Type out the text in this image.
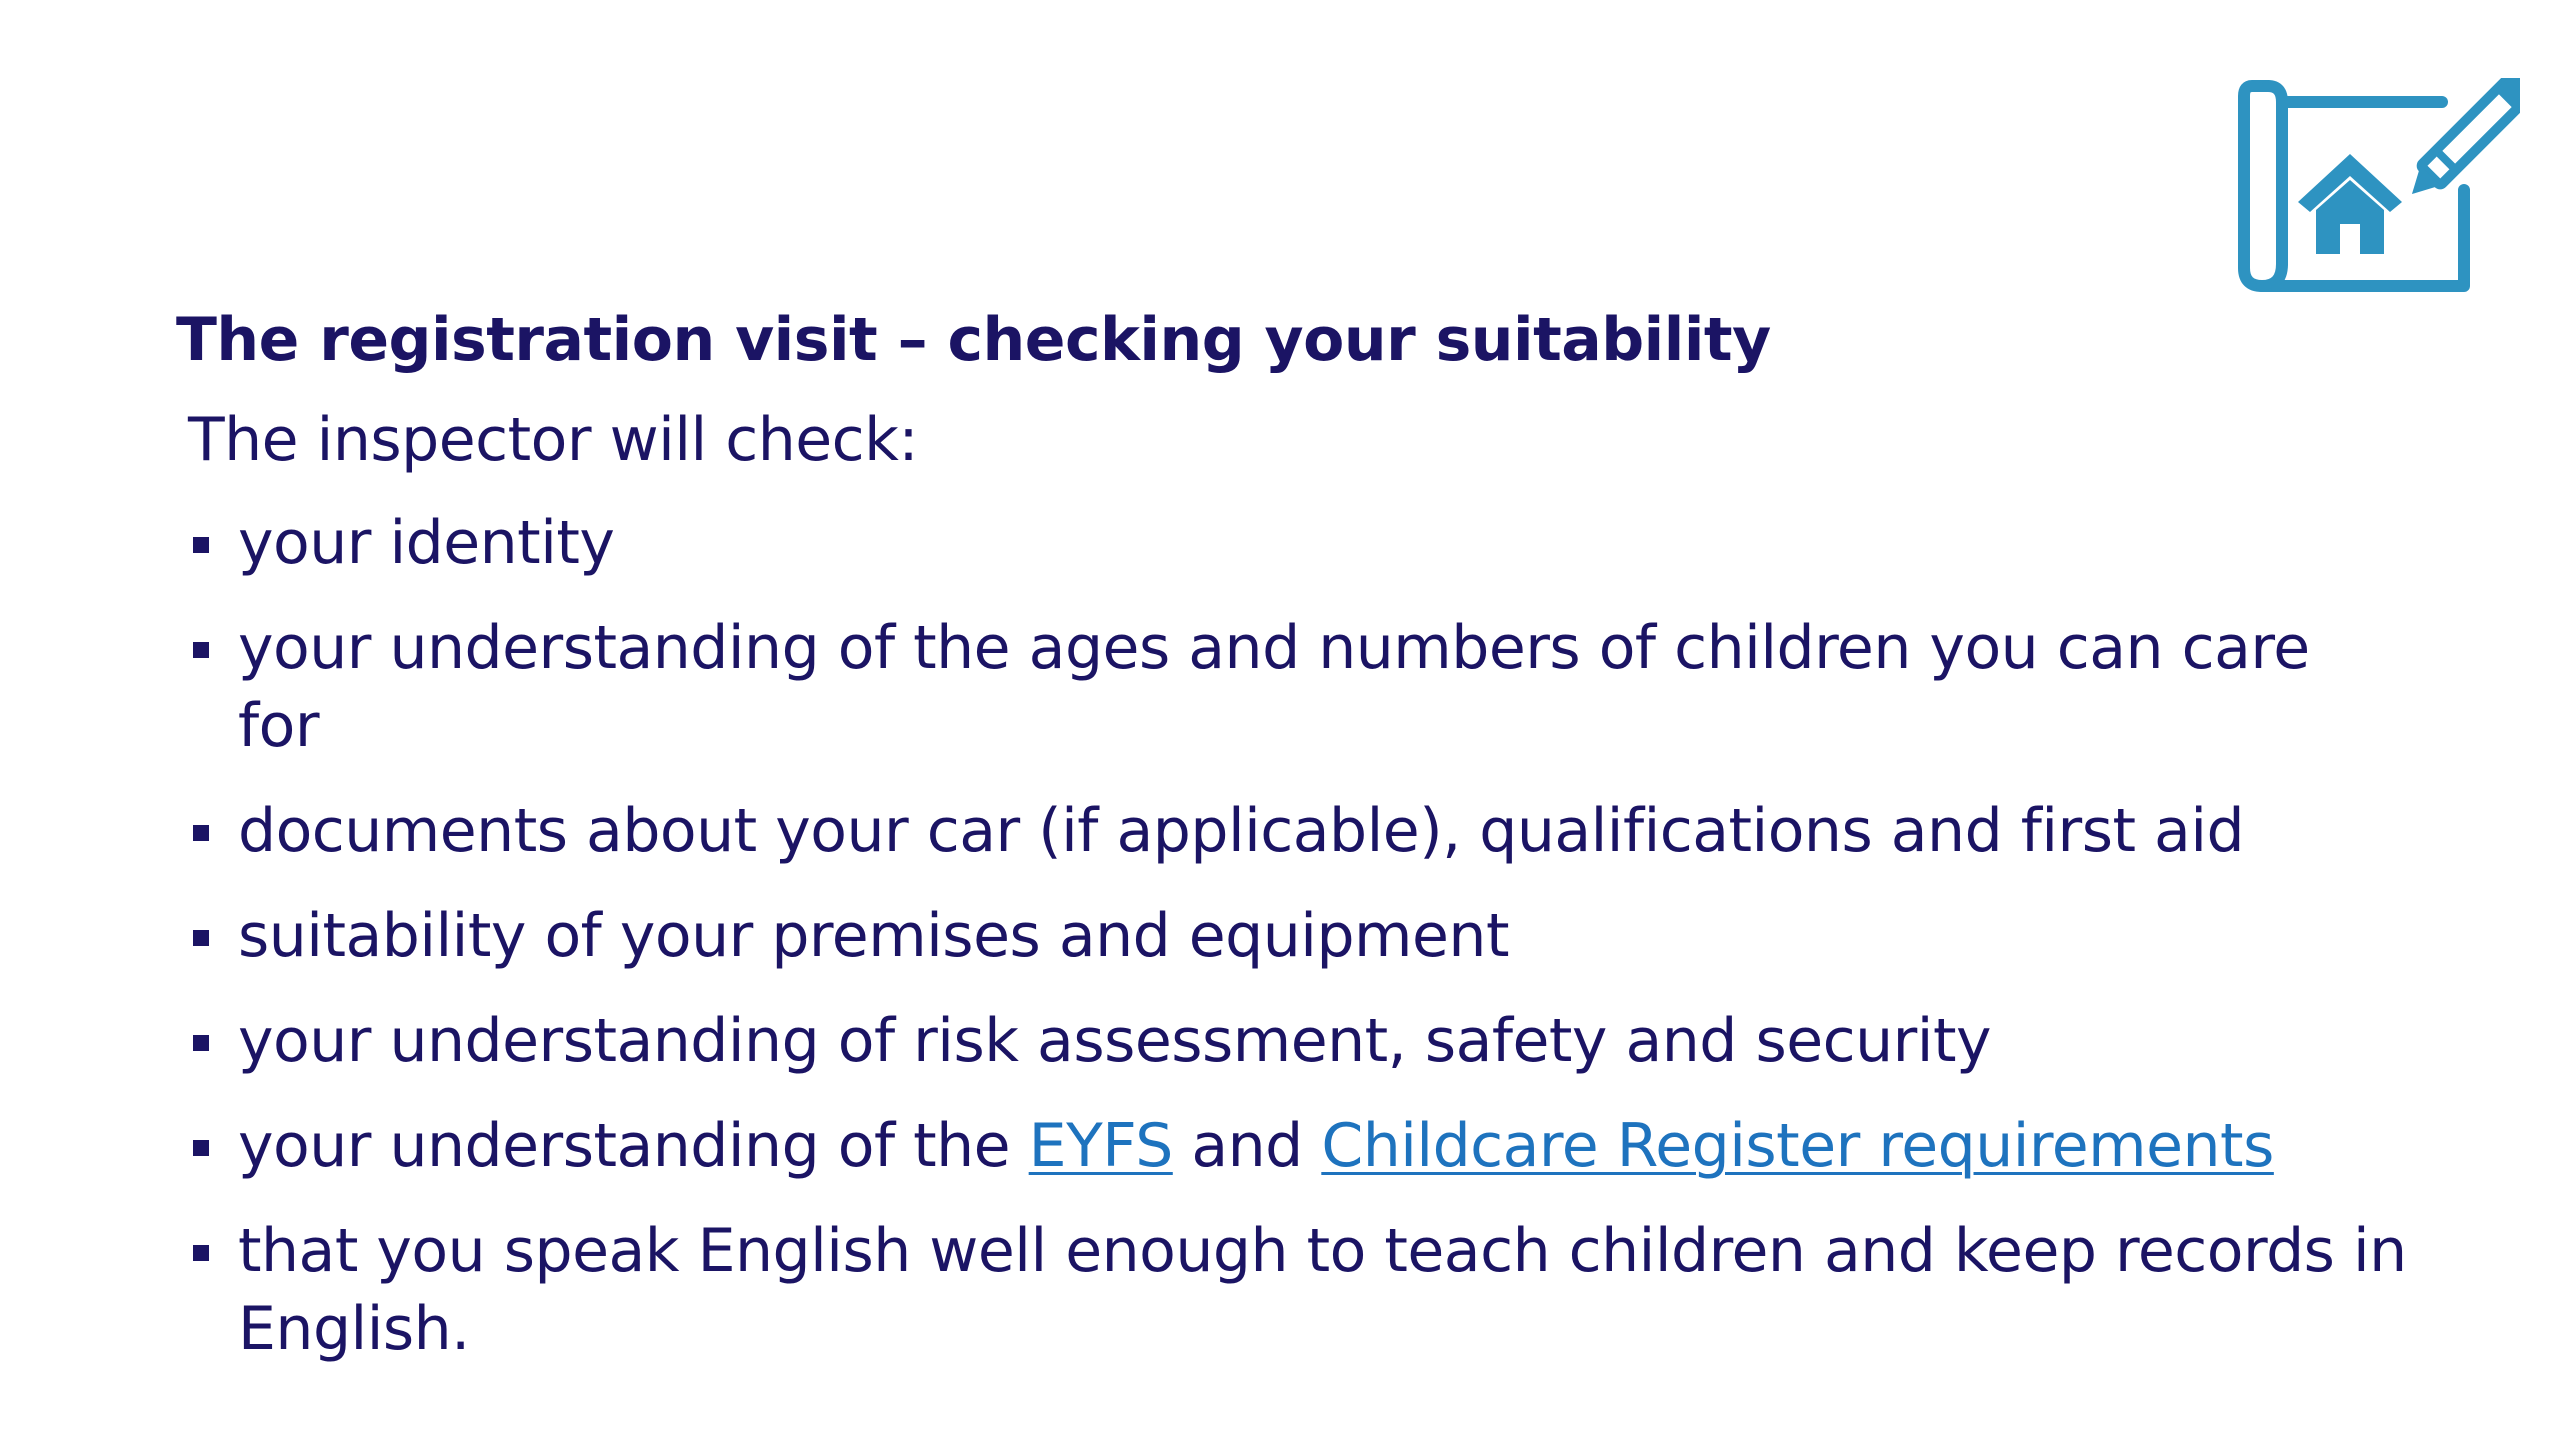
The registration visit – checking your suitability

The inspector will check:

your identity
your understanding of the ages and numbers of children you can care for
documents about your car (if applicable), qualifications and first aid
suitability of your premises and equipment
your understanding of risk assessment, safety and security
your understanding of the EYFS and Childcare Register requirements
that you speak English well enough to teach children and keep records in English.
